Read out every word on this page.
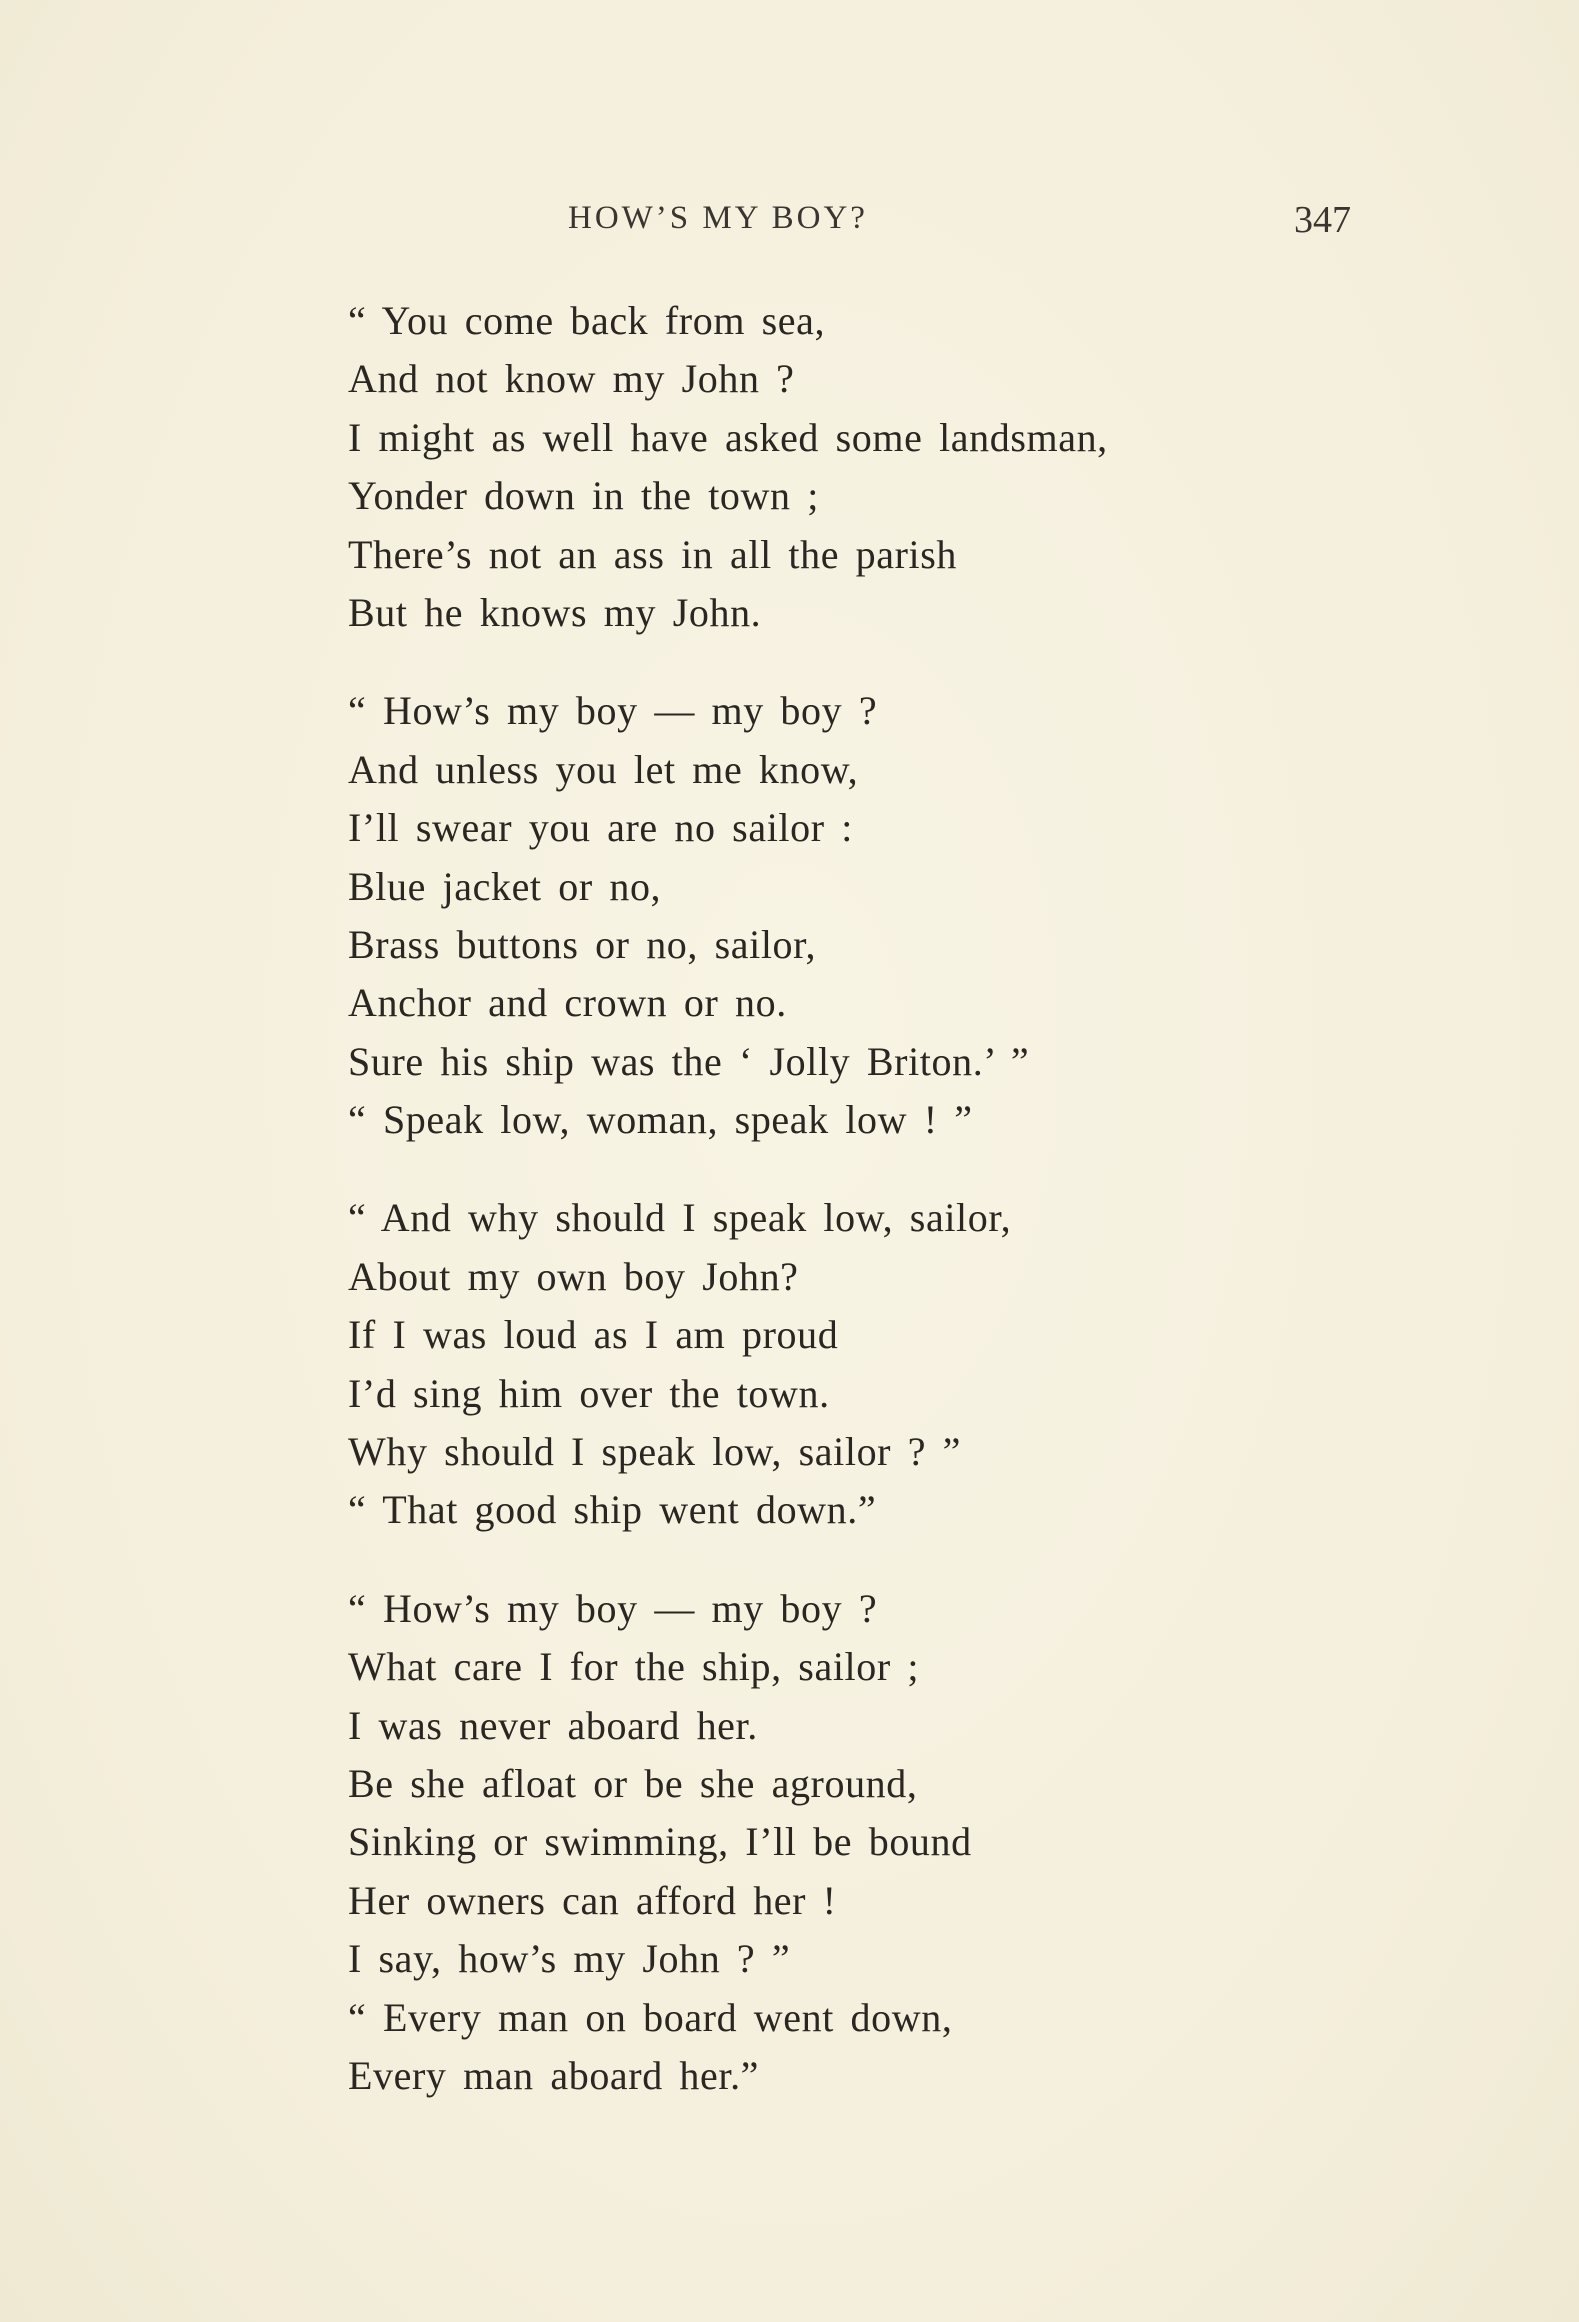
HOW’S MY BOY?	347
“ You come back from sea,
And not know my John ?
I might as well have asked some landsman,
Yonder down in the town ;
There’s not an ass in all the parish
But he knows my John.
“ How’s my boy — my boy ?
And unless you let me know,
I’ll swear you are no sailor :
Blue jacket or no,
Brass buttons or no, sailor,
Anchor and crown or no.
Sure his ship was the ‘ Jolly Briton.’ ”
“ Speak low, woman, speak low ! ”
“ And why should I speak low, sailor,
About my own boy John?
If I was loud as I am proud
I’d sing him over the town.
Why should I speak low, sailor ? ”
“ That good ship went down.”
“ How’s my boy — my boy ?
What care I for the ship, sailor ;
I was never aboard her.
Be she afloat or be she aground,
Sinking or swimming, I’ll be bound
Her owners can afford her !
I say, how’s my John ? ”
“ Every man on board went down,
Every man aboard her.”
